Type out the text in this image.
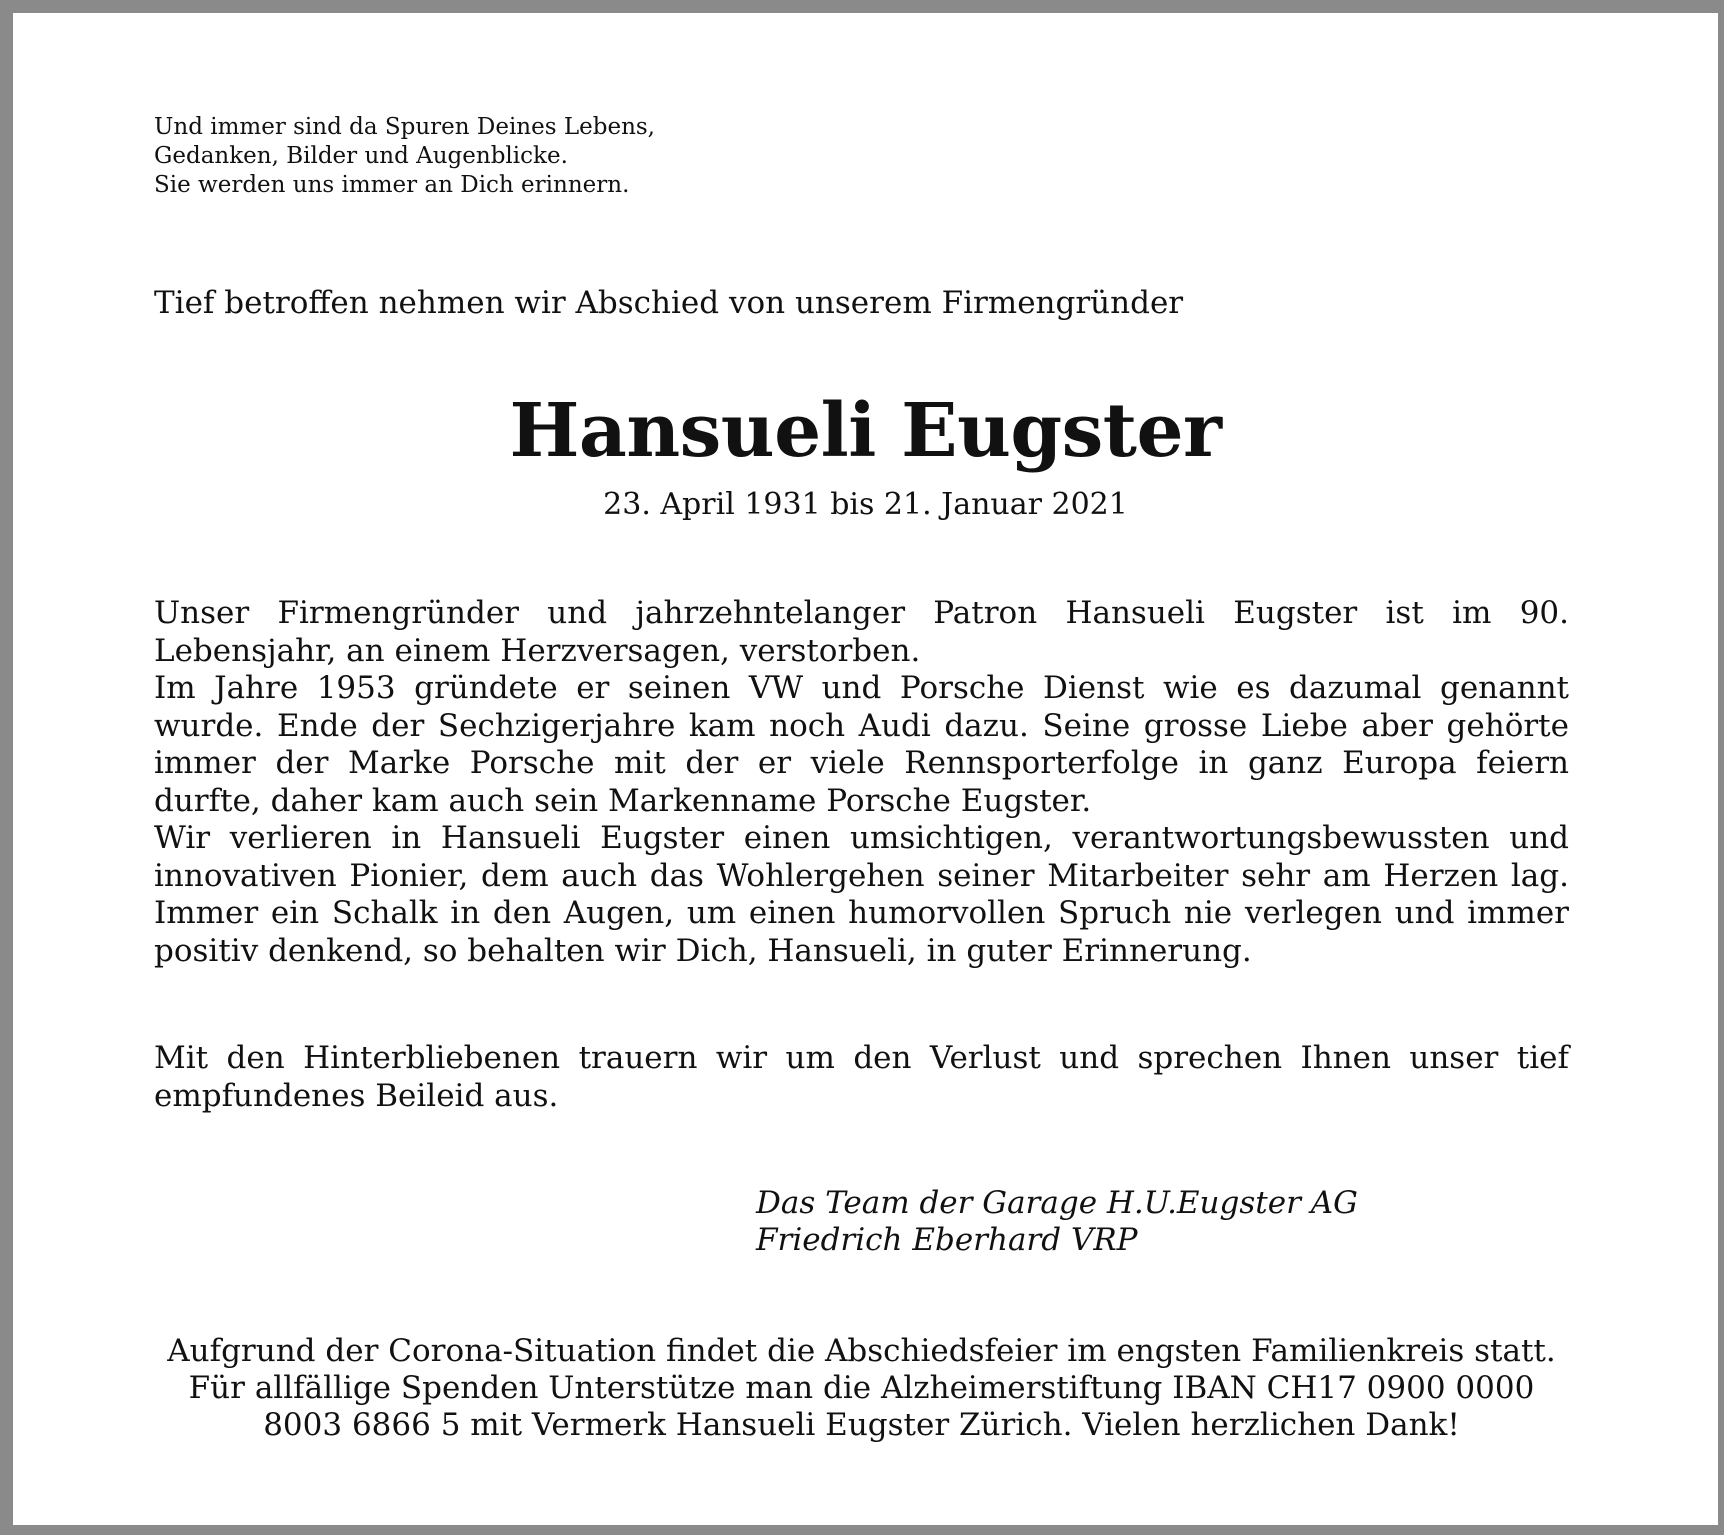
Und immer sind da Spuren Deines Lebens,
Gedanken, Bilder und Augenblicke.
Sie werden uns immer an Dich erinnern.
Tief betroffen nehmen wir Abschied von unserem Firmengründer
Hansueli Eugster
23. April 1931 bis 21. Januar 2021

Unser Firmengründer und jahrzehntelanger Patron Hansueli Eugster ist im 90. Lebensjahr, an einem Herzversagen, verstorben.

Im Jahre 1953 gründete er seinen VW und Porsche Dienst wie es dazumal genannt wurde. Ende der Sechzigerjahre kam noch Audi dazu. Seine grosse Liebe aber gehörte immer der Marke Porsche mit der er viele Rennsporterfolge in ganz Europa feiern durfte, daher kam auch sein Markenname Porsche Eugster.

Wir verlieren in Hansueli Eugster einen umsichtigen, verantwortungsbewussten und innovativen Pionier, dem auch das Wohlergehen seiner Mitarbeiter sehr am Herzen lag. Immer ein Schalk in den Augen, um einen humorvollen Spruch nie verlegen und immer positiv denkend, so behalten wir Dich, Hansueli, in guter Erinnerung.

Mit den Hinterbliebenen trauern wir um den Verlust und sprechen Ihnen unser tief empfundenes Beileid aus.
Das Team der Garage H.U.Eugster AG
Friedrich Eberhard VRP
Aufgrund der Corona-Situation findet die Abschiedsfeier im engsten Familienkreis statt. Für allfällige Spenden Unterstütze man die Alzheimerstiftung IBAN CH17 0900 0000 8003 6866 5 mit Vermerk Hansueli Eugster Zürich. Vielen herzlichen Dank!
